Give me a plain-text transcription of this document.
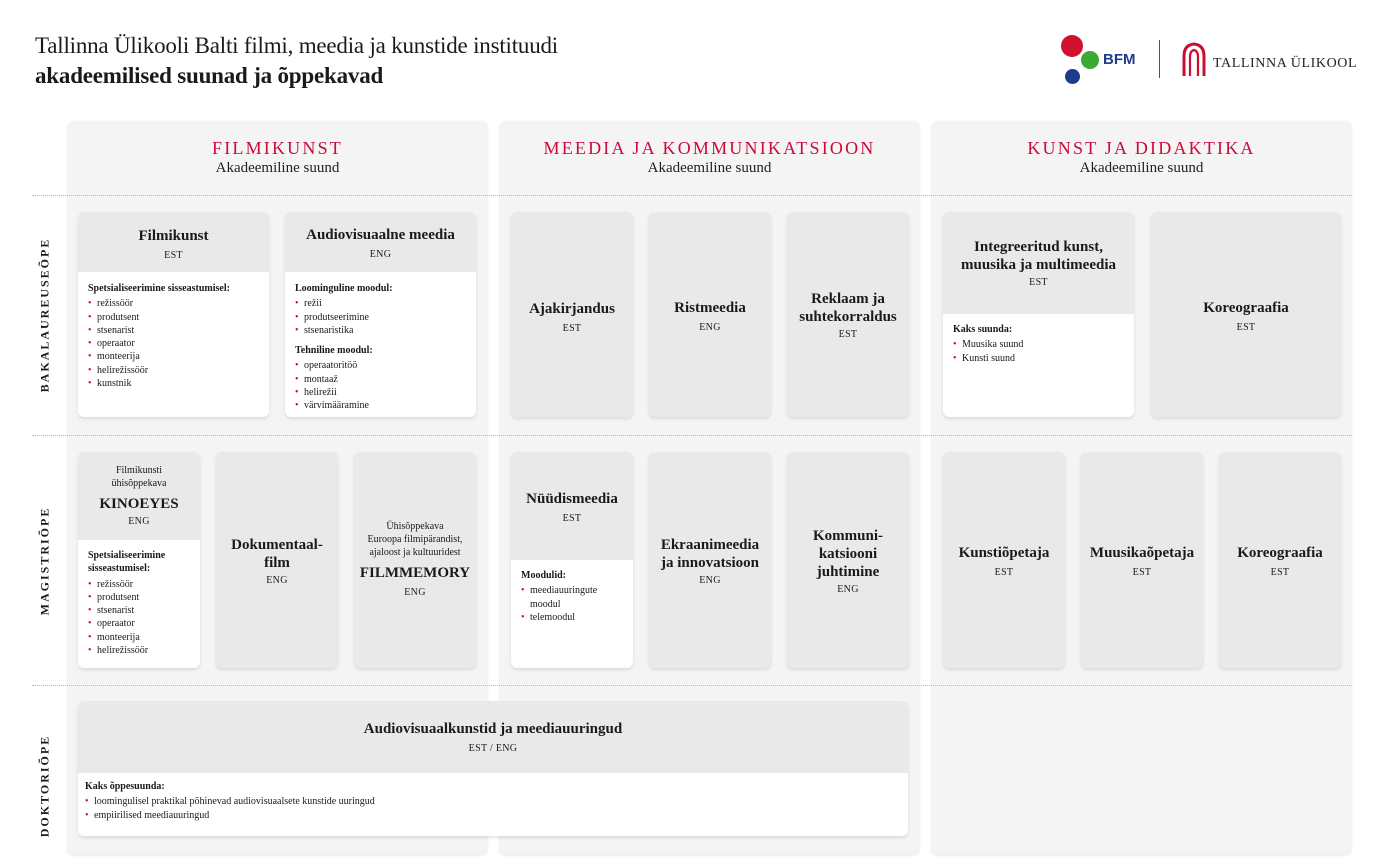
Tallinna Ülikooli Balti filmi, meedia ja kunstide instituudi
akadeemilised suunad ja õppekavad
BFM	TALLINNA ÜLIKOOL
FILMIKUNST
Akadeemiline suund
MEEDIA JA KOMMUNIKATSIOON
Akadeemiline suund
KUNST JA DIDAKTIKA
Akadeemiline suund
BAKALAUREUSEÕPE
MAGISTRIÕPE
DOKTORIÕPE
Filmikunst
EST
Spetsialiseerimine sisseastumisel:
• režissöör
• produtsent
• stsenarist
• operaator
• monteerija
• helirežissöör
• kunstnik
Audiovisuaalne meedia
ENG
Loominguline moodul:
• režii
• produtseerimine
• stsenaristika
Tehniline moodul:
• operaatoritöö
• montaaž
• helirežii
• värvimääramine
Ajakirjandus
EST
Ristmeedia
ENG
Reklaam ja
suhtekorraldus
EST
Integreeritud kunst,
muusika ja multimeedia
EST
Kaks suunda:
• Muusika suund
• Kunsti suund
Koreograafia
EST
Filmikunsti
ühisõppekava
KINOEYES
ENG
Spetsialiseerimine
sisseastumisel:
• režissöör
• produtsent
• stsenarist
• operaator
• monteerija
• helirežissöör
Dokumentaal-
film
ENG
Ühisõppekava
Euroopa filmipärandist,
ajaloost ja kultuuridest
FILMMEMORY
ENG
Nüüdismeedia
EST
Moodulid:
• meediauuringute
moodul
• telemoodul
Ekraanimeedia
ja innovatsioon
ENG
Kommuni-
katsiooni
juhtimine
ENG
Kunstiõpetaja
EST
Muusikaõpetaja
EST
Koreograafia
EST
Audiovisuaalkunstid ja meediauuringud
EST / ENG
Kaks õppesuunda:
• loomingulisel praktikal põhinevad audiovisuaalsete kunstide uuringud
• empiirilised meediauuringud
